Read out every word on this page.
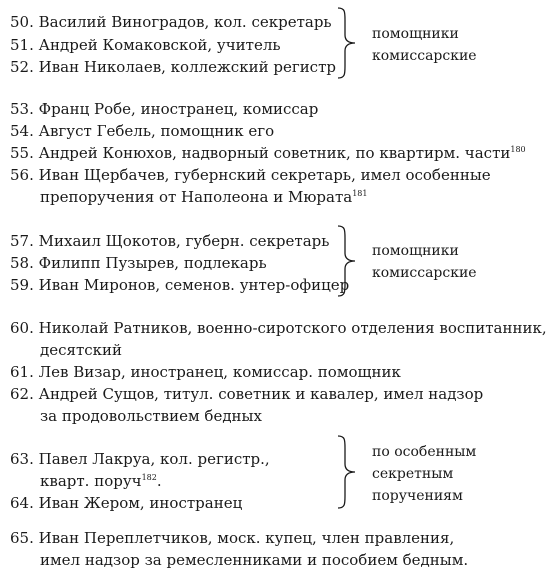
50. Василий Виноградов, кол. секретарь
51. Андрей Комаковской, учитель
52. Иван Николаев, коллежский регистр
помощники
комиссарские
53. Франц Робе, иностранец, комиссар
54. Август Гебель, помощник его
55. Андрей Конюхов, надворный советник, по квартирм. части$^{180}$
56. Иван Щербачев, губернский секретарь, имел особенные
препоручения от Наполеона и Мюрата$^{181}$
57. Михаил Щокотов, губерн. секретарь
58. Филипп Пузырев, подлекарь
59. Иван Миронов, семенов. унтер-офицер
помощники
комиссарские
60. Николай Ратников, военно-сиротского отделения воспитанник,
десятский
61. Лев Визар, иностранец, комиссар. помощник
62. Андрей Сущов, титул. советник и кавалер, имел надзор
за продовольствием бедных
63. Павел Лакруа, кол. регистр.,
кварт. поруч$^{182}$.
64. Иван Жером, иностранец
по особенным
секретным
поручениям
65. Иван Переплетчиков, моск. купец, член правления,
имел надзор за ремесленниками и пособием бедным.
